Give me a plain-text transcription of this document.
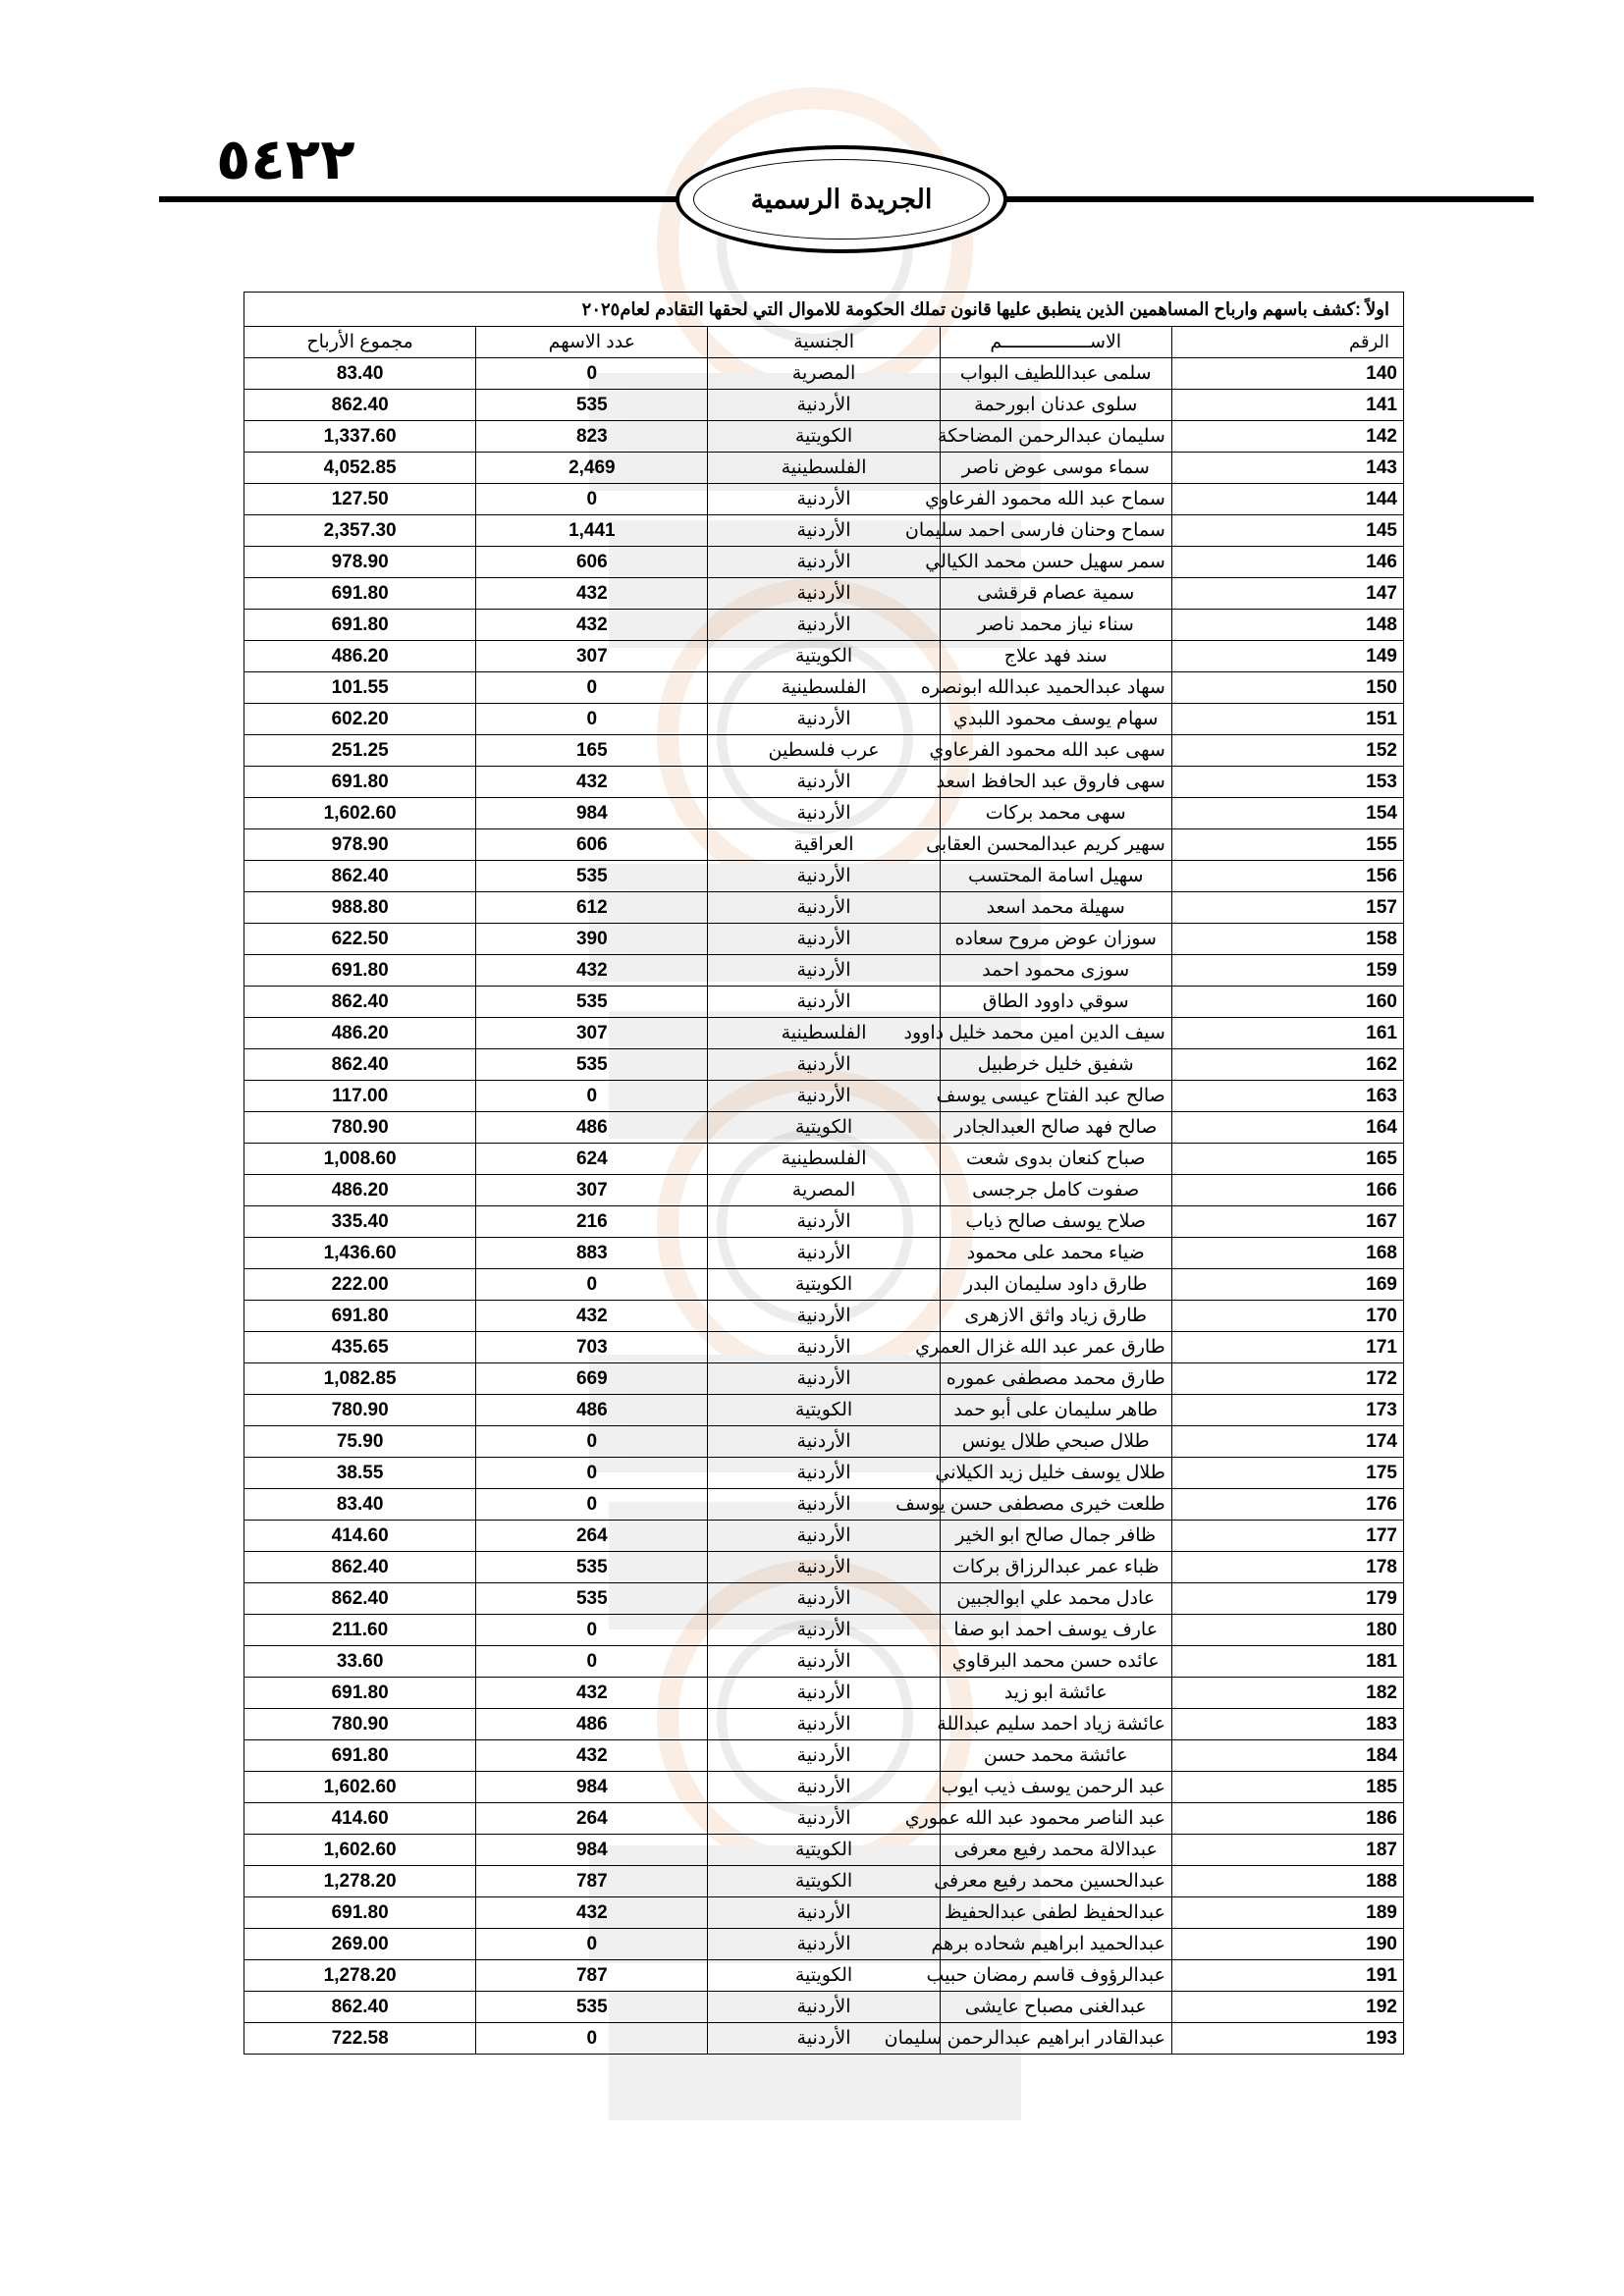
٥٤٢٢
الجريدة الرسمية
اولاً :كشف باسهم وارباح المساهمين الذين ينطبق عليها قانون تملك الحكومة للاموال التي لحقها التقادم لعام٢٠٢٥				
الرقم	الاســــــــــــــــم	الجنسية	عدد الاسهم	مجموع الأرباح
140	سلمى عبداللطيف البواب	المصرية	0	83.40
141	سلوى عدنان ابورحمة	الأردنية	535	862.40
142	سليمان عبدالرحمن المضاحكة	الكويتية	823	1,337.60
143	سماء موسى عوض ناصر	الفلسطينية	2,469	4,052.85
144	سماح عبد الله محمود الفرعاوي	الأردنية	0	127.50
145	سماح وحنان فارسى احمد سليمان	الأردنية	1,441	2,357.30
146	سمر سهيل حسن محمد الكيالي	الأردنية	606	978.90
147	سمية عصام قرقشى	الأردنية	432	691.80
148	سناء نياز محمد ناصر	الأردنية	432	691.80
149	سند فهد علاج	الكويتية	307	486.20
150	سهاد عبدالحميد عبدالله ابونصره	الفلسطينية	0	101.55
151	سهام يوسف محمود اللبدي	الأردنية	0	602.20
152	سهى عبد الله محمود الفرعاوي	عرب فلسطين	165	251.25
153	سهى فاروق عبد الحافظ اسعد	الأردنية	432	691.80
154	سهى محمد بركات	الأردنية	984	1,602.60
155	سهير كريم عبدالمحسن العقابى	العراقية	606	978.90
156	سهيل اسامة المحتسب	الأردنية	535	862.40
157	سهيلة محمد اسعد	الأردنية	612	988.80
158	سوزان عوض مروح سعاده	الأردنية	390	622.50
159	سوزى محمود احمد	الأردنية	432	691.80
160	سوقي داوود الطاق	الأردنية	535	862.40
161	سيف الدين امين محمد خليل داوود	الفلسطينية	307	486.20
162	شفيق خليل خرطبيل	الأردنية	535	862.40
163	صالح عبد الفتاح عيسى يوسف	الأردنية	0	117.00
164	صالح فهد صالح العبدالجادر	الكويتية	486	780.90
165	صباح كنعان بدوى شعت	الفلسطينية	624	1,008.60
166	صفوت كامل جرجسى	المصرية	307	486.20
167	صلاح يوسف صالح ذياب	الأردنية	216	335.40
168	ضياء محمد على محمود	الأردنية	883	1,436.60
169	طارق داود سليمان البدر	الكويتية	0	222.00
170	طارق زياد واثق الازهرى	الأردنية	432	691.80
171	طارق عمر عبد الله غزال العمري	الأردنية	703	435.65
172	طارق محمد مصطفى عموره	الأردنية	669	1,082.85
173	طاهر سليمان على أبو حمد	الكويتية	486	780.90
174	طلال صبحي طلال يونس	الأردنية	0	75.90
175	طلال يوسف خليل زيد الكيلاني	الأردنية	0	38.55
176	طلعت خيرى مصطفى حسن يوسف	الأردنية	0	83.40
177	ظافر جمال صالح ابو الخير	الأردنية	264	414.60
178	ظباء عمر عبدالرزاق بركات	الأردنية	535	862.40
179	عادل محمد علي ابوالجبين	الأردنية	535	862.40
180	عارف يوسف احمد ابو صفا	الأردنية	0	211.60
181	عائده حسن محمد البرقاوي	الأردنية	0	33.60
182	عائشة ابو زيد	الأردنية	432	691.80
183	عائشة زياد احمد سليم عبداللة	الأردنية	486	780.90
184	عائشة محمد حسن	الأردنية	432	691.80
185	عبد الرحمن يوسف ذيب ايوب	الأردنية	984	1,602.60
186	عبد الناصر محمود عبد الله عموري	الأردنية	264	414.60
187	عبدالالة محمد رفيع معرفى	الكويتية	984	1,602.60
188	عبدالحسين محمد رفيع معرفى	الكويتية	787	1,278.20
189	عبدالحفيظ لطفى عبدالحفيظ	الأردنية	432	691.80
190	عبدالحميد ابراهيم شحاده برهم	الأردنية	0	269.00
191	عبدالرؤوف قاسم رمضان حبيب	الكويتية	787	1,278.20
192	عبدالغنى مصباح عايشى	الأردنية	535	862.40
193	عبدالقادر ابراهيم عبدالرحمن سليمان	الأردنية	0	722.58
